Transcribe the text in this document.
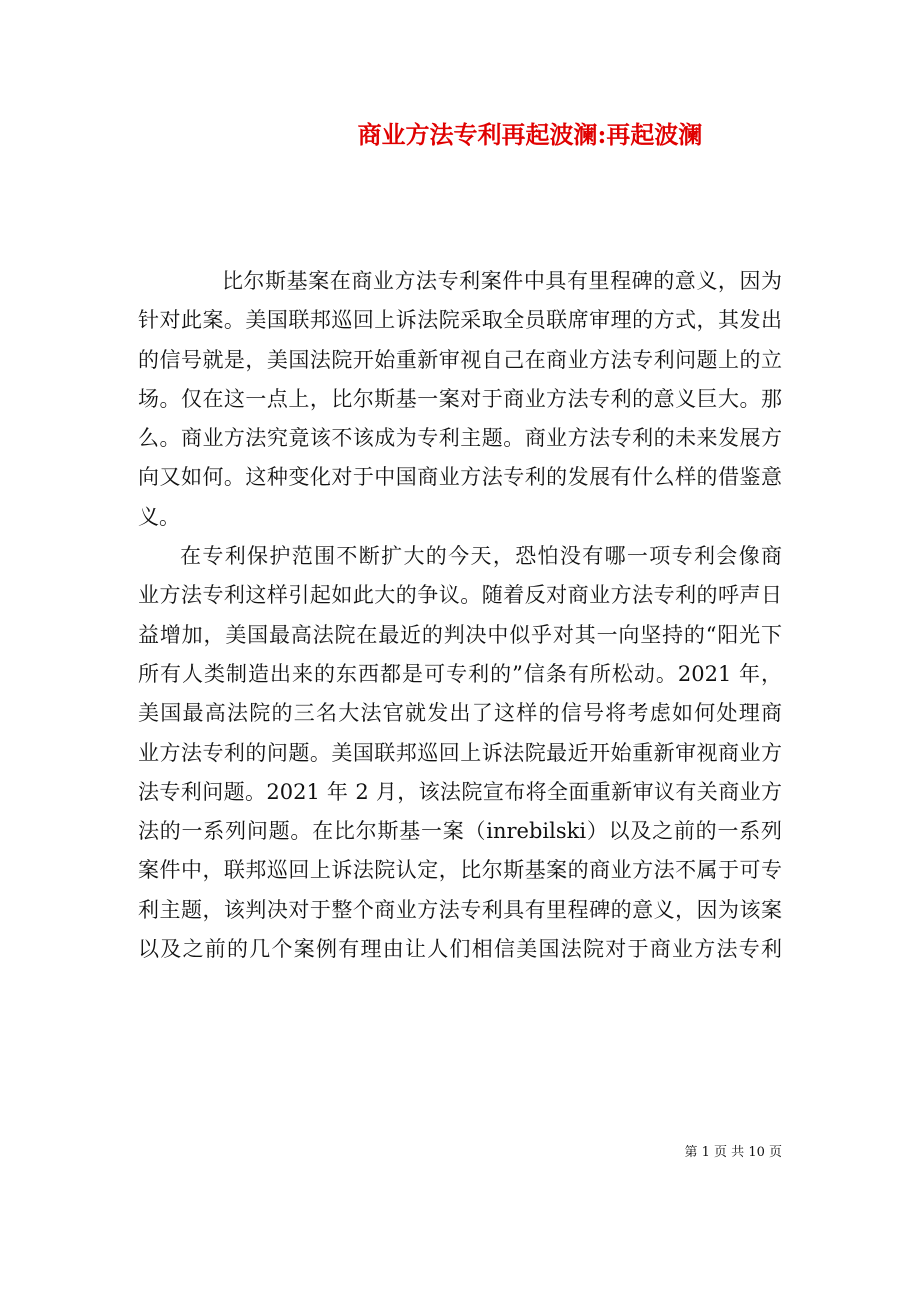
商业方法专利再起波澜:再起波澜

比尔斯基案在商业方法专利案件中具有里程碑的意义，因为
针对此案。美国联邦巡回上诉法院采取全员联席审理的方式，其发出
的信号就是，美国法院开始重新审视自己在商业方法专利问题上的立
场。仅在这一点上，比尔斯基一案对于商业方法专利的意义巨大。那
么。商业方法究竟该不该成为专利主题。商业方法专利的未来发展方
向又如何。这种变化对于中国商业方法专利的发展有什么样的借鉴意
义。

在专利保护范围不断扩大的今天，恐怕没有哪一项专利会像商
业方法专利这样引起如此大的争议。随着反对商业方法专利的呼声日
益增加，美国最高法院在最近的判决中似乎对其一向坚持的“阳光下
所有人类制造出来的东西都是可专利的”信条有所松动。2021 年，
美国最高法院的三名大法官就发出了这样的信号将考虑如何处理商
业方法专利的问题。美国联邦巡回上诉法院最近开始重新审视商业方
法专利问题。2021 年 2 月，该法院宣布将全面重新审议有关商业方
法的一系列问题。在比尔斯基一案（inrebilski）以及之前的一系列
案件中，联邦巡回上诉法院认定，比尔斯基案的商业方法不属于可专
利主题，该判决对于整个商业方法专利具有里程碑的意义，因为该案
以及之前的几个案例有理由让人们相信美国法院对于商业方法专利

第 1 页 共 10 页
